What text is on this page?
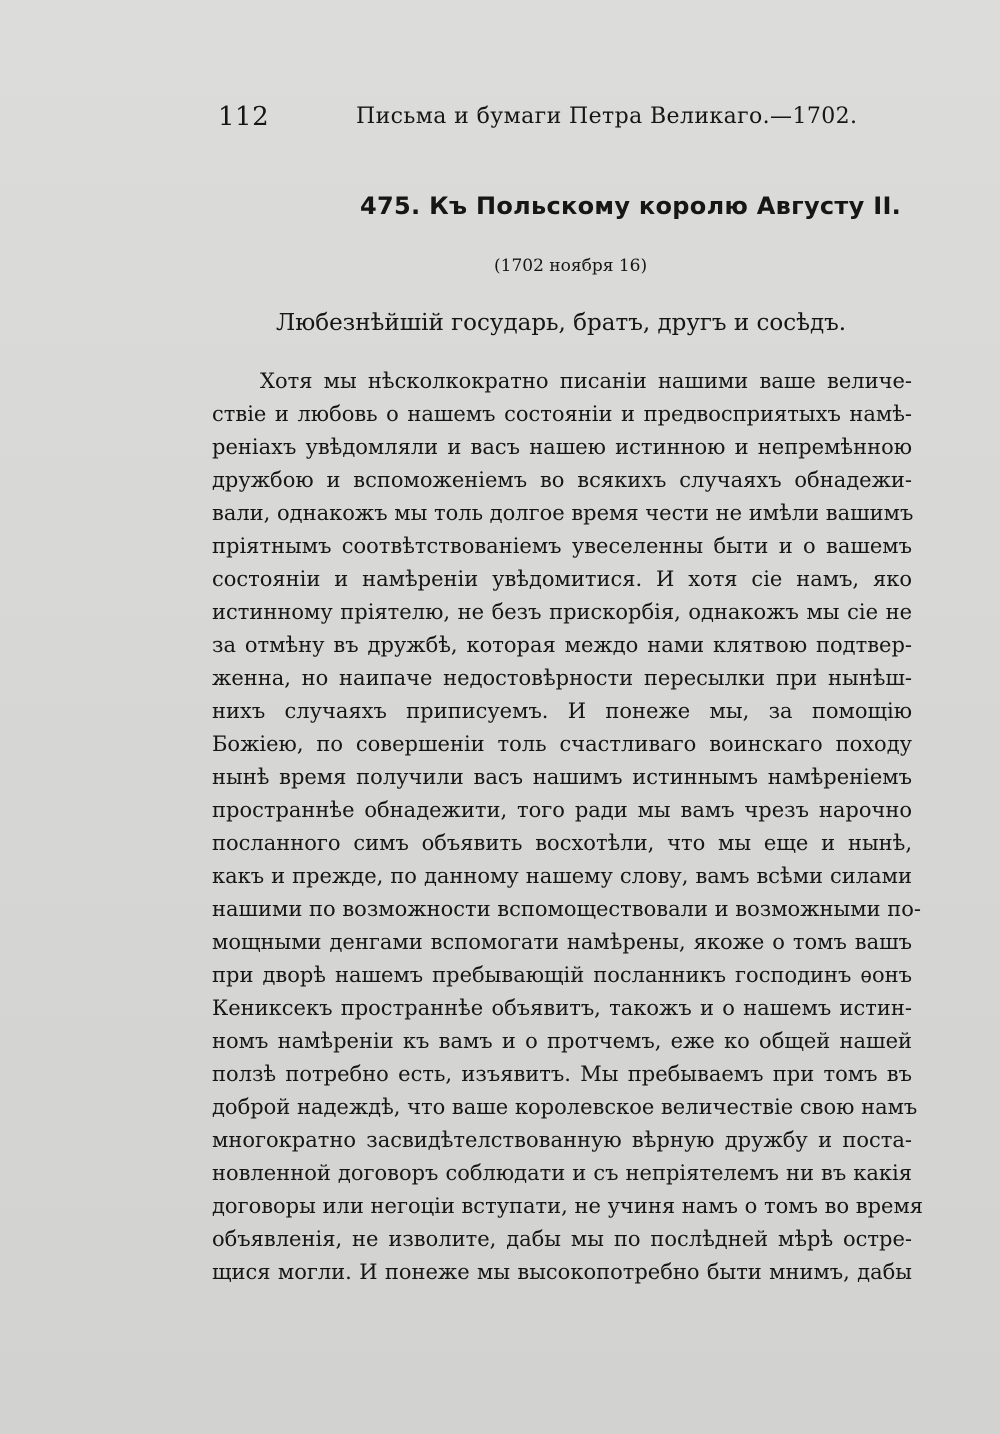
112	Письма и бумаги Петра Великаго.—1702.
475. Къ Польскому королю Августу II.
(1702 ноября 16)
Любезнѣйшій государь, братъ, другъ и сосѣдъ.
Хотя мы нѣсколкократно писаніи нашими ваше величе-
ствіе и любовь о нашемъ состояніи и предвосприятыхъ намѣ-
реніахъ увѣдомляли и васъ нашею истинною и непремѣнною
дружбою и вспоможеніемъ во всякихъ случаяхъ обнадежи-
вали, однакожъ мы толь долгое время чести не имѣли вашимъ
пріятнымъ соотвѣтствованіемъ увеселенны быти и о вашемъ
состояніи и намѣреніи увѣдомитися. И хотя сіе намъ, яко
истинному пріятелю, не безъ прискорбія, однакожъ мы сіе не
за отмѣну въ дружбѣ, которая междо нами клятвою подтвер-
женна, но наипаче недостовѣрности пересылки при нынѣш-
нихъ случаяхъ приписуемъ. И понеже мы, за помощію
Божіею, по совершеніи толь счастливаго воинскаго походу
нынѣ время получили васъ нашимъ истиннымъ намѣреніемъ
пространнѣе обнадежити, того ради мы вамъ чрезъ нарочно
посланного симъ объявить восхотѣли, что мы еще и нынѣ,
какъ и прежде, по данному нашему слову, вамъ всѣми силами
нашими по возможности вспомоществовали и возможными по-
мощными денгами вспомогати намѣрены, якоже о томъ вашъ
при дворѣ нашемъ пребывающій посланникъ господинъ ѳонъ
Кениксекъ пространнѣе объявитъ, такожъ и о нашемъ истин-
номъ намѣреніи къ вамъ и о протчемъ, еже ко общей нашей
ползѣ потребно есть, изъявитъ. Мы пребываемъ при томъ въ
доброй надеждѣ, что ваше королевское величествіе свою намъ
многократно засвидѣтелствованную вѣрную дружбу и поста-
новленной договоръ соблюдати и съ непріятелемъ ни въ какія
договоры или негоціи вступати, не учиня намъ о томъ во время
объявленія, не изволите, дабы мы по послѣдней мѣрѣ остре-
щися могли. И понеже мы высокопотребно быти мнимъ, дабы
